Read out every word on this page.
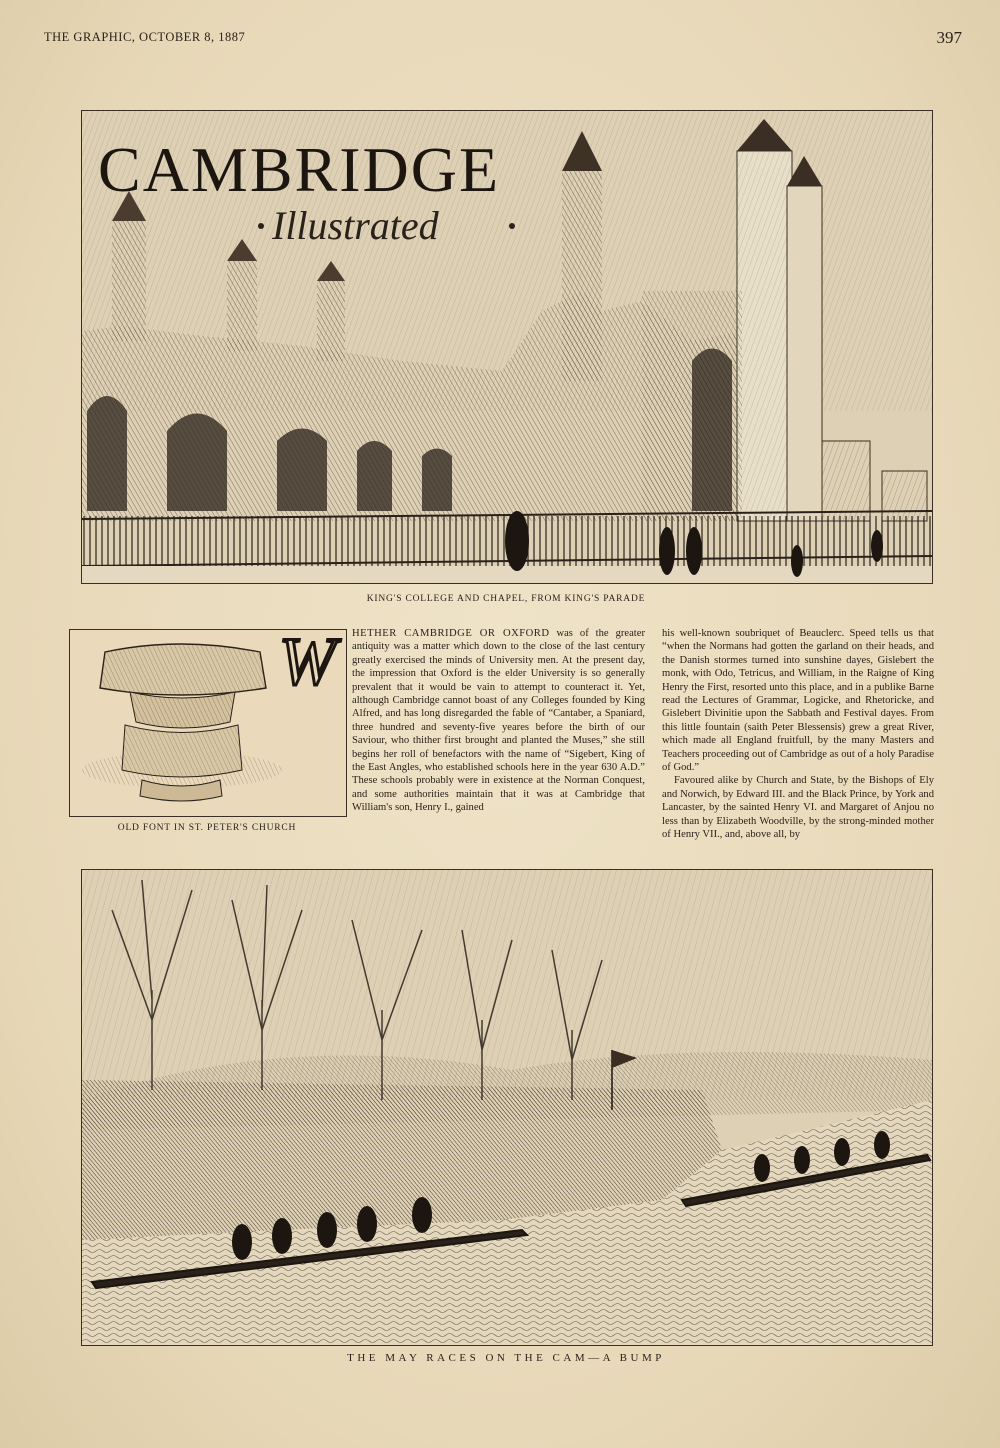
THE GRAPHIC, OCTOBER 8, 1887	397
CAMBRIDGE
Illustrated
KING'S COLLEGE AND CHAPEL, FROM KING'S PARADE
OLD FONT IN ST. PETER'S CHURCH
W	HETHER CAMBRIDGE OR OXFORD was of the greater antiquity was a matter which down to the close of the last century greatly exercised the minds of University men. At the present day, the impression that Oxford is the elder University is so generally prevalent that it would be vain to attempt to counteract it. Yet, although Cambridge cannot boast of any Colleges founded by King Alfred, and has long disregarded the fable of “Cantaber, a Spaniard, three hundred and seventy-five yeares before the birth of our Saviour, who thither first brought and planted the Muses,” she still begins her roll of benefactors with the name of “Sigebert, King of the East Angles, who established schools here in the year 630 A.D.” These schools probably were in existence at the Norman Conquest, and some authorities maintain that it was at Cambridge that William's son, Henry I., gained

his well-known soubriquet of Beauclerc. Speed tells us that “when the Normans had gotten the garland on their heads, and the Danish stormes turned into sunshine dayes, Gislebert the monk, with Odo, Tetricus, and William, in the Raigne of King Henry the First, resorted unto this place, and in a publike Barne read the Lectures of Grammar, Logicke, and Rhetoricke, and Gislebert Divinitie upon the Sabbath and Festival dayes. From this little fountain (saith Peter Blessensis) grew a great River, which made all England fruitfull, by the many Masters and Teachers proceeding out of Cambridge as out of a holy Paradise of God.”

Favoured alike by Church and State, by the Bishops of Ely and Norwich, by Edward III. and the Black Prince, by York and Lancaster, by the sainted Henry VI. and Margaret of Anjou no less than by Elizabeth Woodville, by the strong-minded mother of Henry VII., and, above all, by

THE MAY RACES ON THE CAM—A BUMP
